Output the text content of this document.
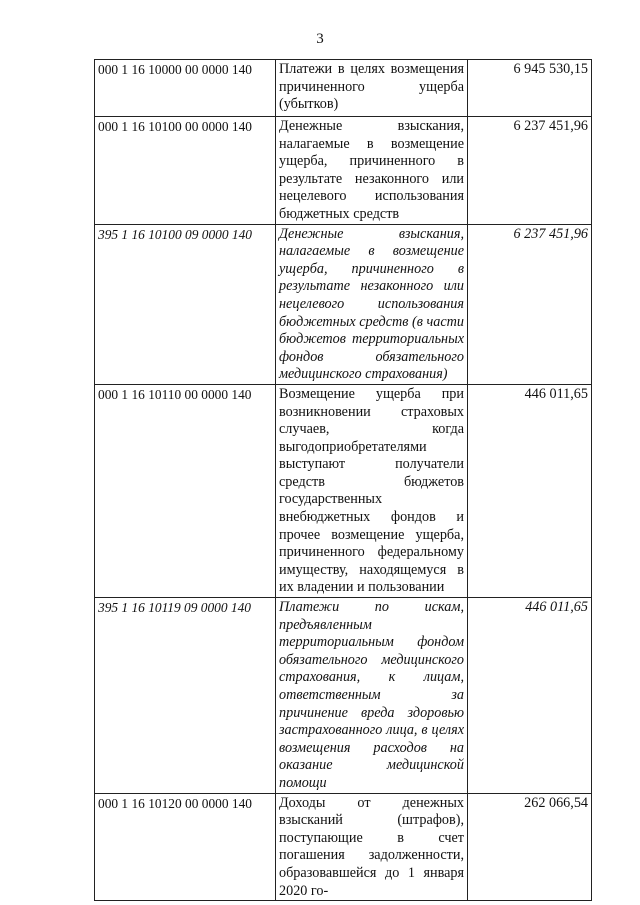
3
000 1 16 10000 00 0000 140	Платежи в целях возмещения причиненного ущерба (убытков)	6 945 530,15
000 1 16 10100 00 0000 140	Денежные взыскания, налагаемые в возмещение ущерба, причиненного в результате незаконного или нецелевого использования бюджетных средств	6 237 451,96
395 1 16 10100 09 0000 140	Денежные взыскания, налагаемые в возмещение ущерба, причиненного в результате незаконного или нецелевого использования бюджетных средств (в части бюджетов территориальных фондов обязательного медицинского страхования)	6 237 451,96
000 1 16 10110 00 0000 140	Возмещение ущерба при возникновении страховых случаев, когда выгодоприобретателями выступают получатели средств бюджетов государственных внебюджетных фондов и прочее возмещение ущерба, причиненного федеральному имуществу, находящемуся в их владении и пользовании	446 011,65
395 1 16 10119 09 0000 140	Платежи по искам, предъявленным территориальным фондом обязательного медицинского страхования, к лицам, ответственным за причинение вреда здоровью застрахованного лица, в целях возмещения расходов на оказание медицинской помощи	446 011,65
000 1 16 10120 00 0000 140	Доходы от денежных взысканий (штрафов), поступающие в счет погашения задолженности, образовавшейся до 1 января 2020 го-	262 066,54
